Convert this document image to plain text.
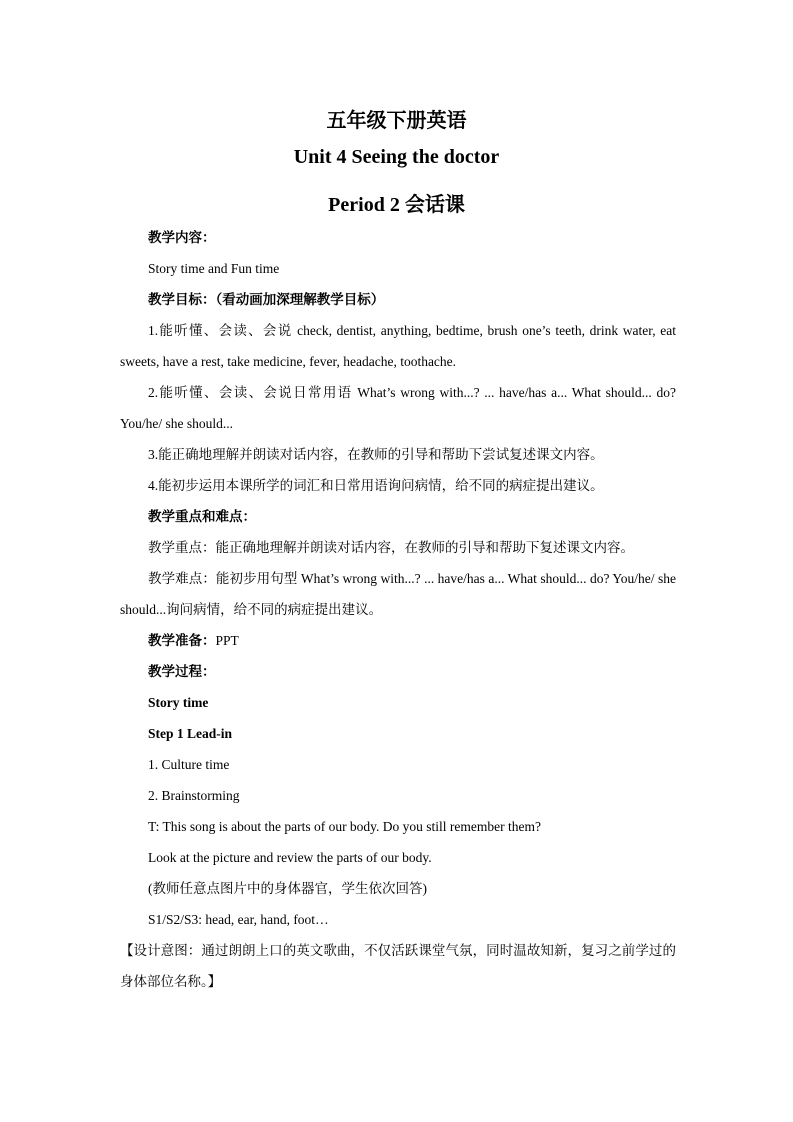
五年级下册英语
Unit 4 Seeing the doctor
Period 2 会话课

教学内容：

Story time and Fun time

教学目标：（看动画加深理解教学目标）

1.能听懂、会读、会说 check, dentist, anything, bedtime, brush one’s teeth, drink water, eat sweets, have a rest, take medicine, fever, headache, toothache.

2.能听懂、会读、会说日常用语 What’s wrong with...? ... have/has a... What should... do? You/he/ she should...

3.能正确地理解并朗读对话内容，在教师的引导和帮助下尝试复述课文内容。

4.能初步运用本课所学的词汇和日常用语询问病情，给不同的病症提出建议。

教学重点和难点：

教学重点：能正确地理解并朗读对话内容，在教师的引导和帮助下复述课文内容。

教学难点：能初步用句型 What’s wrong with...? ... have/has a... What should... do? You/he/ she should...询问病情，给不同的病症提出建议。

教学准备：PPT

教学过程：

Story time

Step 1 Lead-in

1. Culture time

2. Brainstorming

T: This song is about the parts of our body. Do you still remember them?

Look at the picture and review the parts of our body.

(教师任意点图片中的身体器官，学生依次回答)

S1/S2/S3: head, ear, hand, foot…

【设计意图：通过朗朗上口的英文歌曲，不仅活跃课堂气氛，同时温故知新，复习之前学过的身体部位名称。】
